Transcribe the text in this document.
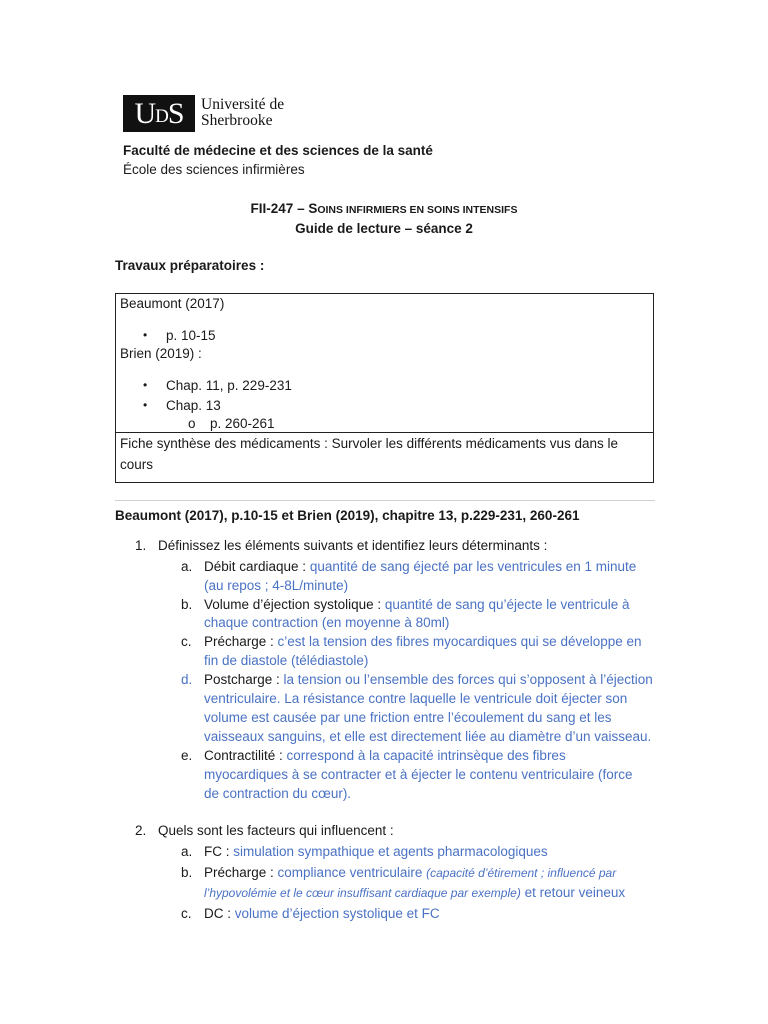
UDS	Université de
Sherbrooke
Faculté de médecine et des sciences de la santé
École des sciences infirmières
FII-247 – SOINS INFIRMIERS EN SOINS INTENSIFS
Guide de lecture – séance 2
Travaux préparatoires :
Beaumont (2017)
• p. 10-15
Brien (2019) :
• Chap. 11, p. 229-231
• Chap. 13
o p. 260-261
Fiche synthèse des médicaments : Survoler les différents médicaments vus dans le
cours
Beaumont (2017), p.10-15 et Brien (2019), chapitre 13, p.229-231, 260-261
1. Définissez les éléments suivants et identifiez leurs déterminants :
a. Débit cardiaque : quantité de sang éjecté par les ventricules en 1 minute
(au repos ; 4-8L/minute)
b. Volume d’éjection systolique : quantité de sang qu’éjecte le ventricule à
chaque contraction (en moyenne à 80ml)
c. Précharge : c’est la tension des fibres myocardiques qui se développe en
fin de diastole (télédiastole)
d. Postcharge : la tension ou l’ensemble des forces qui s’opposent à l’éjection
ventriculaire. La résistance contre laquelle le ventricule doit éjecter son
volume est causée par une friction entre l’écoulement du sang et les
vaisseaux sanguins, et elle est directement liée au diamètre d’un vaisseau.
e. Contractilité : correspond à la capacité intrinsèque des fibres
myocardiques à se contracter et à éjecter le contenu ventriculaire (force
de contraction du cœur).
2. Quels sont les facteurs qui influencent :
a. FC : simulation sympathique et agents pharmacologiques
b. Précharge : compliance ventriculaire (capacité d’étirement ; influencé par
l’hypovolémie et le cœur insuffisant cardiaque par exemple) et retour veineux
c. DC : volume d’éjection systolique et FC
